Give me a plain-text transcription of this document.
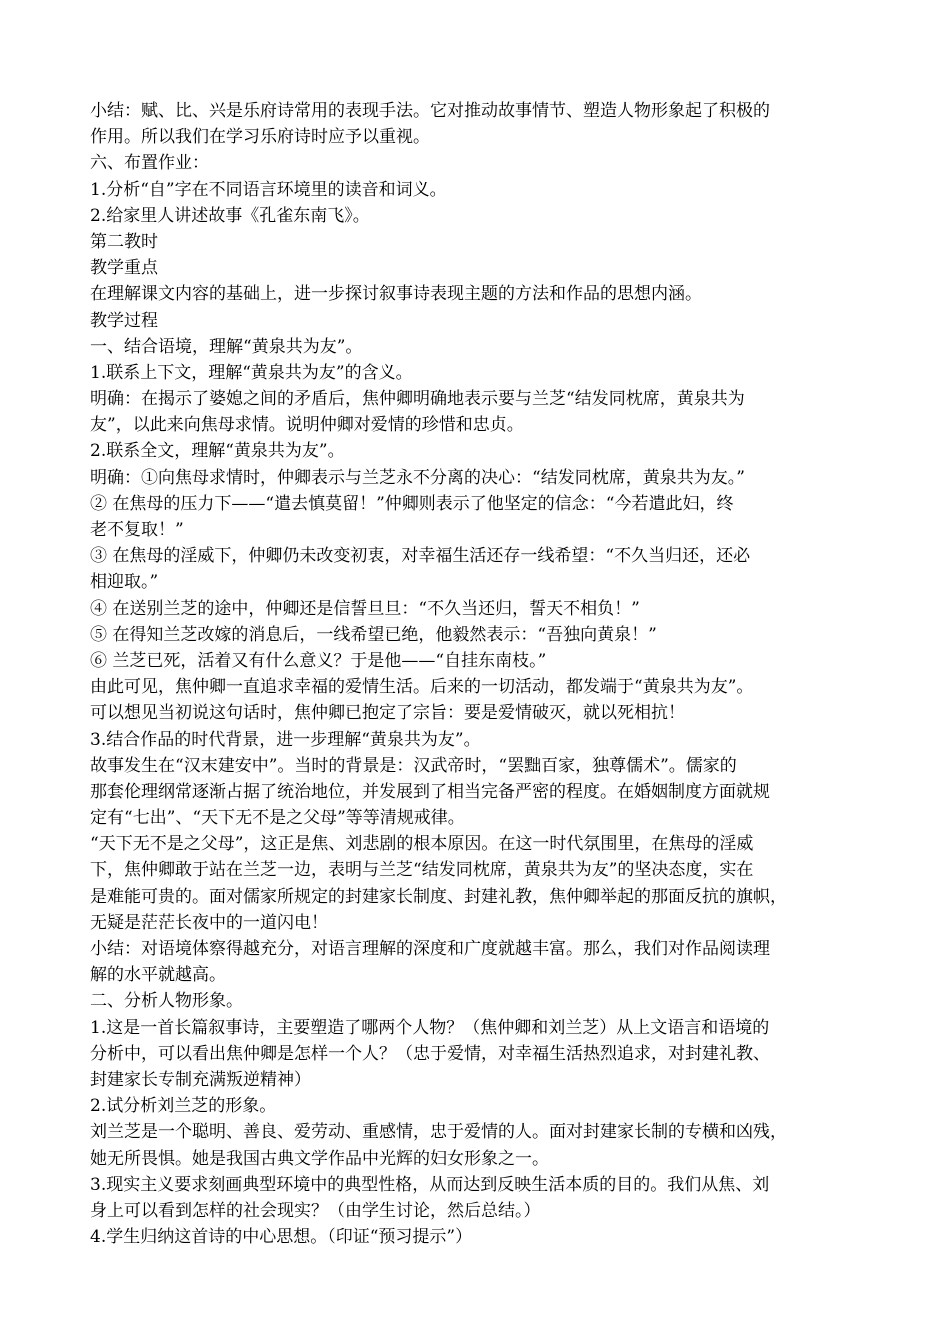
小结：赋、比、兴是乐府诗常用的表现手法。它对推动故事情节、塑造人物形象起了积极的

作用。所以我们在学习乐府诗时应予以重视。

六、布置作业：

1.分析“自”字在不同语言环境里的读音和词义。

2.给家里人讲述故事《孔雀东南飞》。

第二教时

教学重点

在理解课文内容的基础上，进一步探讨叙事诗表现主题的方法和作品的思想内涵。

教学过程

一、结合语境，理解“黄泉共为友”。

1.联系上下文，理解“黄泉共为友”的含义。

明确：在揭示了婆媳之间的矛盾后，焦仲卿明确地表示要与兰芝“结发同枕席，黄泉共为

友”，以此来向焦母求情。说明仲卿对爱情的珍惜和忠贞。

2.联系全文，理解“黄泉共为友”。

明确：①向焦母求情时，仲卿表示与兰芝永不分离的决心：“结发同枕席，黄泉共为友。”

② 在焦母的压力下——“遣去慎莫留！”仲卿则表示了他坚定的信念：“今若遣此妇，终

老不复取！”

③ 在焦母的淫威下，仲卿仍未改变初衷，对幸福生活还存一线希望：“不久当归还，还必

相迎取。”

④ 在送别兰芝的途中，仲卿还是信誓旦旦：“不久当还归，誓天不相负！”

⑤ 在得知兰芝改嫁的消息后，一线希望已绝，他毅然表示：“吾独向黄泉！”

⑥ 兰芝已死，活着又有什么意义？于是他——“自挂东南枝。”

由此可见，焦仲卿一直追求幸福的爱情生活。后来的一切活动，都发端于“黄泉共为友”。

可以想见当初说这句话时，焦仲卿已抱定了宗旨：要是爱情破灭，就以死相抗！

3.结合作品的时代背景，进一步理解“黄泉共为友”。

故事发生在“汉末建安中”。当时的背景是：汉武帝时，“罢黜百家，独尊儒术”。儒家的

那套伦理纲常逐渐占据了统治地位，并发展到了相当完备严密的程度。在婚姻制度方面就规

定有“七出”、“天下无不是之父母”等等清规戒律。

“天下无不是之父母”，这正是焦、刘悲剧的根本原因。在这一时代氛围里，在焦母的淫威

下，焦仲卿敢于站在兰芝一边，表明与兰芝“结发同枕席，黄泉共为友”的坚决态度，实在

是难能可贵的。面对儒家所规定的封建家长制度、封建礼教，焦仲卿举起的那面反抗的旗帜，

无疑是茫茫长夜中的一道闪电！

小结：对语境体察得越充分，对语言理解的深度和广度就越丰富。那么，我们对作品阅读理

解的水平就越高。

二、分析人物形象。

1.这是一首长篇叙事诗，主要塑造了哪两个人物？（焦仲卿和刘兰芝）从上文语言和语境的

分析中，可以看出焦仲卿是怎样一个人？（忠于爱情，对幸福生活热烈追求，对封建礼教、

封建家长专制充满叛逆精神）

2.试分析刘兰芝的形象。

刘兰芝是一个聪明、善良、爱劳动、重感情，忠于爱情的人。面对封建家长制的专横和凶残，

她无所畏惧。她是我国古典文学作品中光辉的妇女形象之一。

3.现实主义要求刻画典型环境中的典型性格，从而达到反映生活本质的目的。我们从焦、刘

身上可以看到怎样的社会现实？（由学生讨论，然后总结。）

4.学生归纳这首诗的中心思想。（印证“预习提示”）
